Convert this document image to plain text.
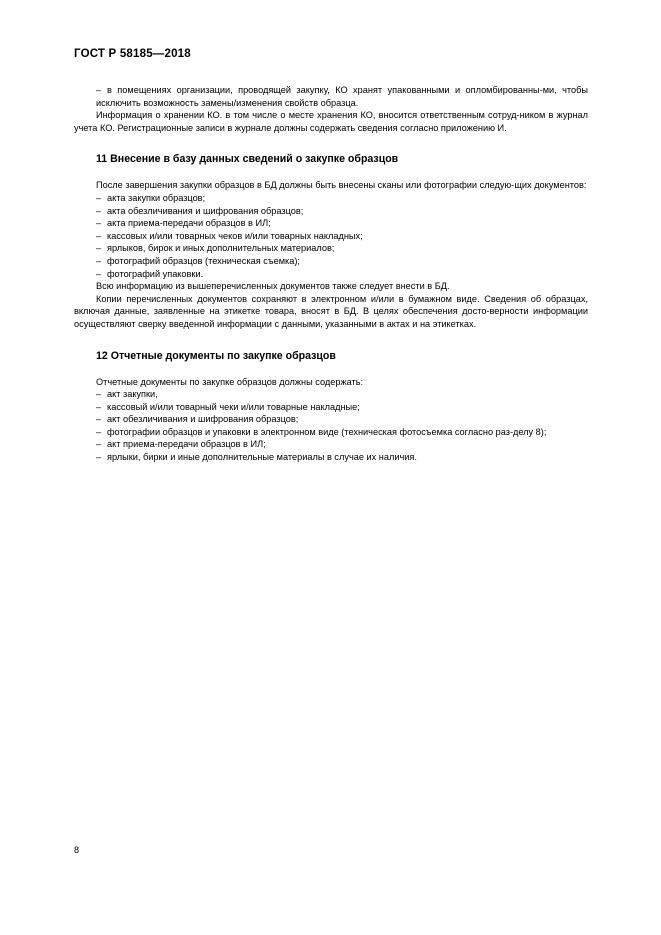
ГОСТ Р 58185—2018

– в помещениях организации, проводящей закупку, КО хранят упакованными и опломбированны-ми, чтобы исключить возможность замены/изменения свойств образца.

Информация о хранении КО. в том числе о месте хранения КО, вносится ответственным сотруд-ником в журнал учета КО. Регистрационные записи в журнале должны содержать сведения согласно приложению И.

11 Внесение в базу данных сведений о закупке образцов

После завершения закупки образцов в БД должны быть внесены сканы или фотографии следую-щих документов:

– акта закупки образцов;

– акта обезличивания и шифрования образцов;

– акта приема-передачи образцов в ИЛ;

– кассовых и/или товарных чеков и/или товарных накладных;

– ярлыков, бирок и иных дополнительных материалов;

– фотографий образцов (техническая съемка);

– фотографий упаковки.

Всю информацию из вышеперечисленных документов также следует внести в БД.

Копии перечисленных документов сохраняют в электронном и/или в бумажном виде. Сведения об образцах, включая данные, заявленные на этикетке товара, вносят в БД. В целях обеспечения досто-верности информации осуществляют сверку введенной информации с данными, указанными в актах и на этикетках.

12 Отчетные документы по закупке образцов

Отчетные документы по закупке образцов должны содержать:

– акт закупки,

– кассовый и/или товарный чеки и/или товарные накладные;

– акт обезличивания и шифрования образцов;

– фотографии образцов и упаковки в электронном виде (техническая фотосъемка согласно раз-делу 8);

– акт приема-передачи образцов в ИЛ;

– ярлыки, бирки и иные дополнительные материалы в случае их наличия.

8
